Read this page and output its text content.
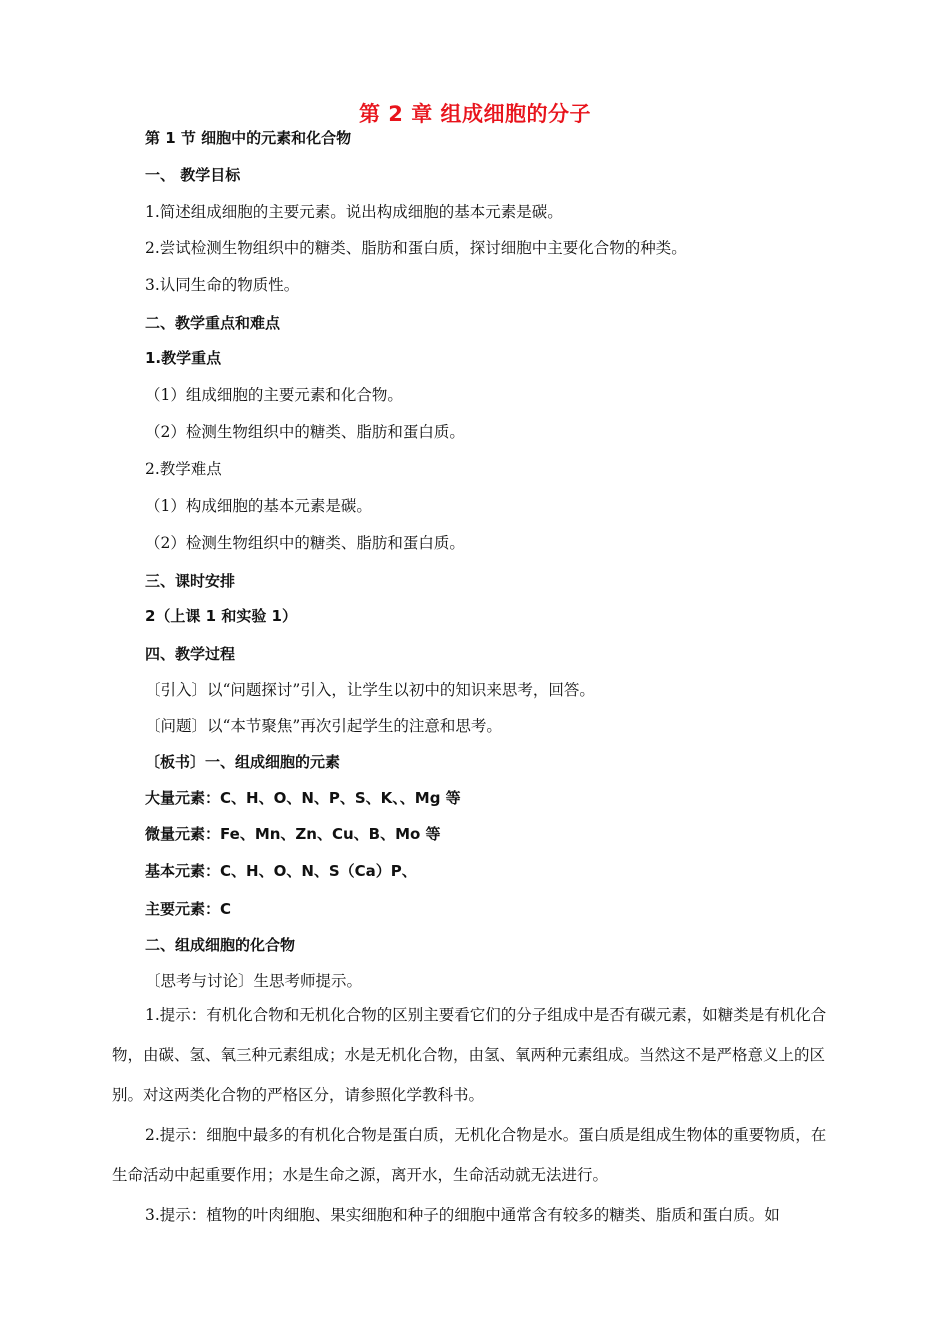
第 2 章 组成细胞的分子
第 1 节 细胞中的元素和化合物
一、 教学目标
1.简述组成细胞的主要元素。说出构成细胞的基本元素是碳。
2.尝试检测生物组织中的糖类、脂肪和蛋白质，探讨细胞中主要化合物的种类。
3.认同生命的物质性。
二、教学重点和难点
1.教学重点
（1）组成细胞的主要元素和化合物。
（2）检测生物组织中的糖类、脂肪和蛋白质。
2.教学难点
（1）构成细胞的基本元素是碳。
（2）检测生物组织中的糖类、脂肪和蛋白质。
三、课时安排
2（上课 1 和实验 1）
四、教学过程
〔引入〕以“问题探讨”引入，让学生以初中的知识来思考，回答。
〔问题〕以“本节聚焦”再次引起学生的注意和思考。
〔板书〕一、组成细胞的元素
大量元素：C、H、O、N、P、S、K、、Mg 等
微量元素：Fe、Mn、Zn、Cu、B、Mo 等
基本元素：C、H、O、N、S（Ca）P、
主要元素：C
二、组成细胞的化合物
〔思考与讨论〕生思考师提示。
1.提示：有机化合物和无机化合物的区别主要看它们的分子组成中是否有碳元素，如糖类是有机化合物，由碳、氢、氧三种元素组成；水是无机化合物，由氢、氧两种元素组成。当然这不是严格意义上的区别。对这两类化合物的严格区分，请参照化学教科书。
2.提示：细胞中最多的有机化合物是蛋白质，无机化合物是水。蛋白质是组成生物体的重要物质，在生命活动中起重要作用；水是生命之源，离开水，生命活动就无法进行。
3.提示：植物的叶肉细胞、果实细胞和种子的细胞中通常含有较多的糖类、脂质和蛋白质。如
